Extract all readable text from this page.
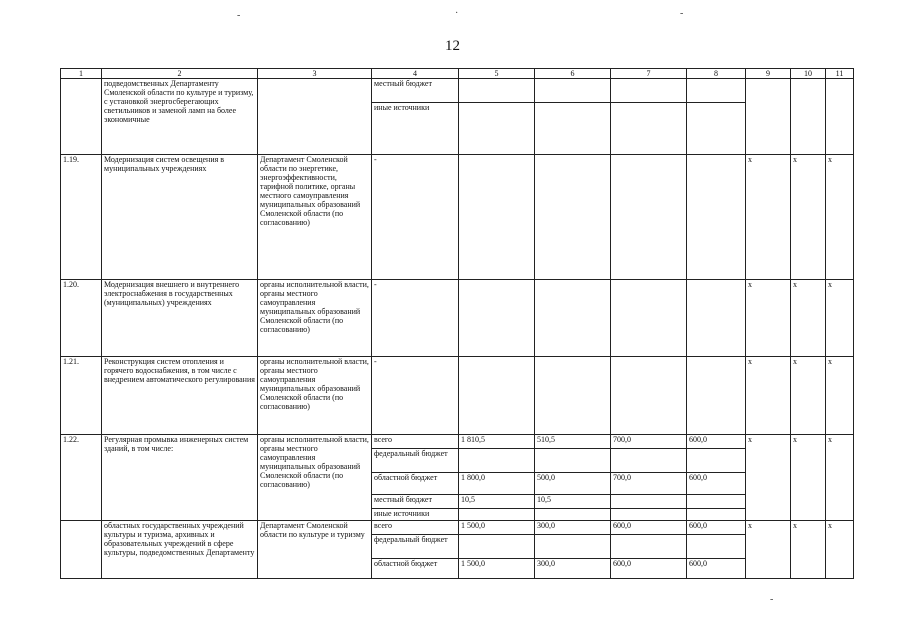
12
-	·	-
-
1	2	3	4	5	6	7	8	9	10	11
	подведомственных Департаменту Смоленской области по культуре и туризму, с установкой энергосберегающих светильников и заменой ламп на более экономичные		местный бюджет							
			иные источники							
1.19.	Модернизация систем освещения в муниципальных учреждениях	Департамент Смоленской области по энергетике, энергоэффективности, тарифной политике, органы местного самоуправления муниципальных образований Смоленской области (по согласованию)	-					х	х	х
1.20.	Модернизация внешнего и внутреннего электроснабжения в государственных (муниципальных) учреждениях	органы исполнительной власти, органы местного самоуправления муниципальных образований Смоленской области (по согласованию)	-					х	х	х
1.21.	Реконструкция систем отопления и горячего водоснабжения, в том числе с внедрением автоматического регулирования	органы исполнительной власти, органы местного самоуправления муниципальных образований Смоленской области (по согласованию)	-					х	х	х
1.22.	Регулярная промывка инженерных систем зданий, в том числе:	органы исполнительной власти, органы местного самоуправления муниципальных образований Смоленской области (по согласованию)	всего	1 810,5	510,5	700,0	600,0	х	х	х
			федеральный бюджет							
			областной бюджет	1 800,0	500,0	700,0	600,0			
			местный бюджет	10,5	10,5					
			иные источники							
	областных государственных учреждений культуры и туризма, архивных и образовательных учреждений в сфере культуры, подведомственных Департаменту	Департамент Смоленской области по культуре и туризму	всего	1 500,0	300,0	600,0	600,0	х	х	х
			федеральный бюджет							
			областной бюджет	1 500,0	300,0	600,0	600,0			
